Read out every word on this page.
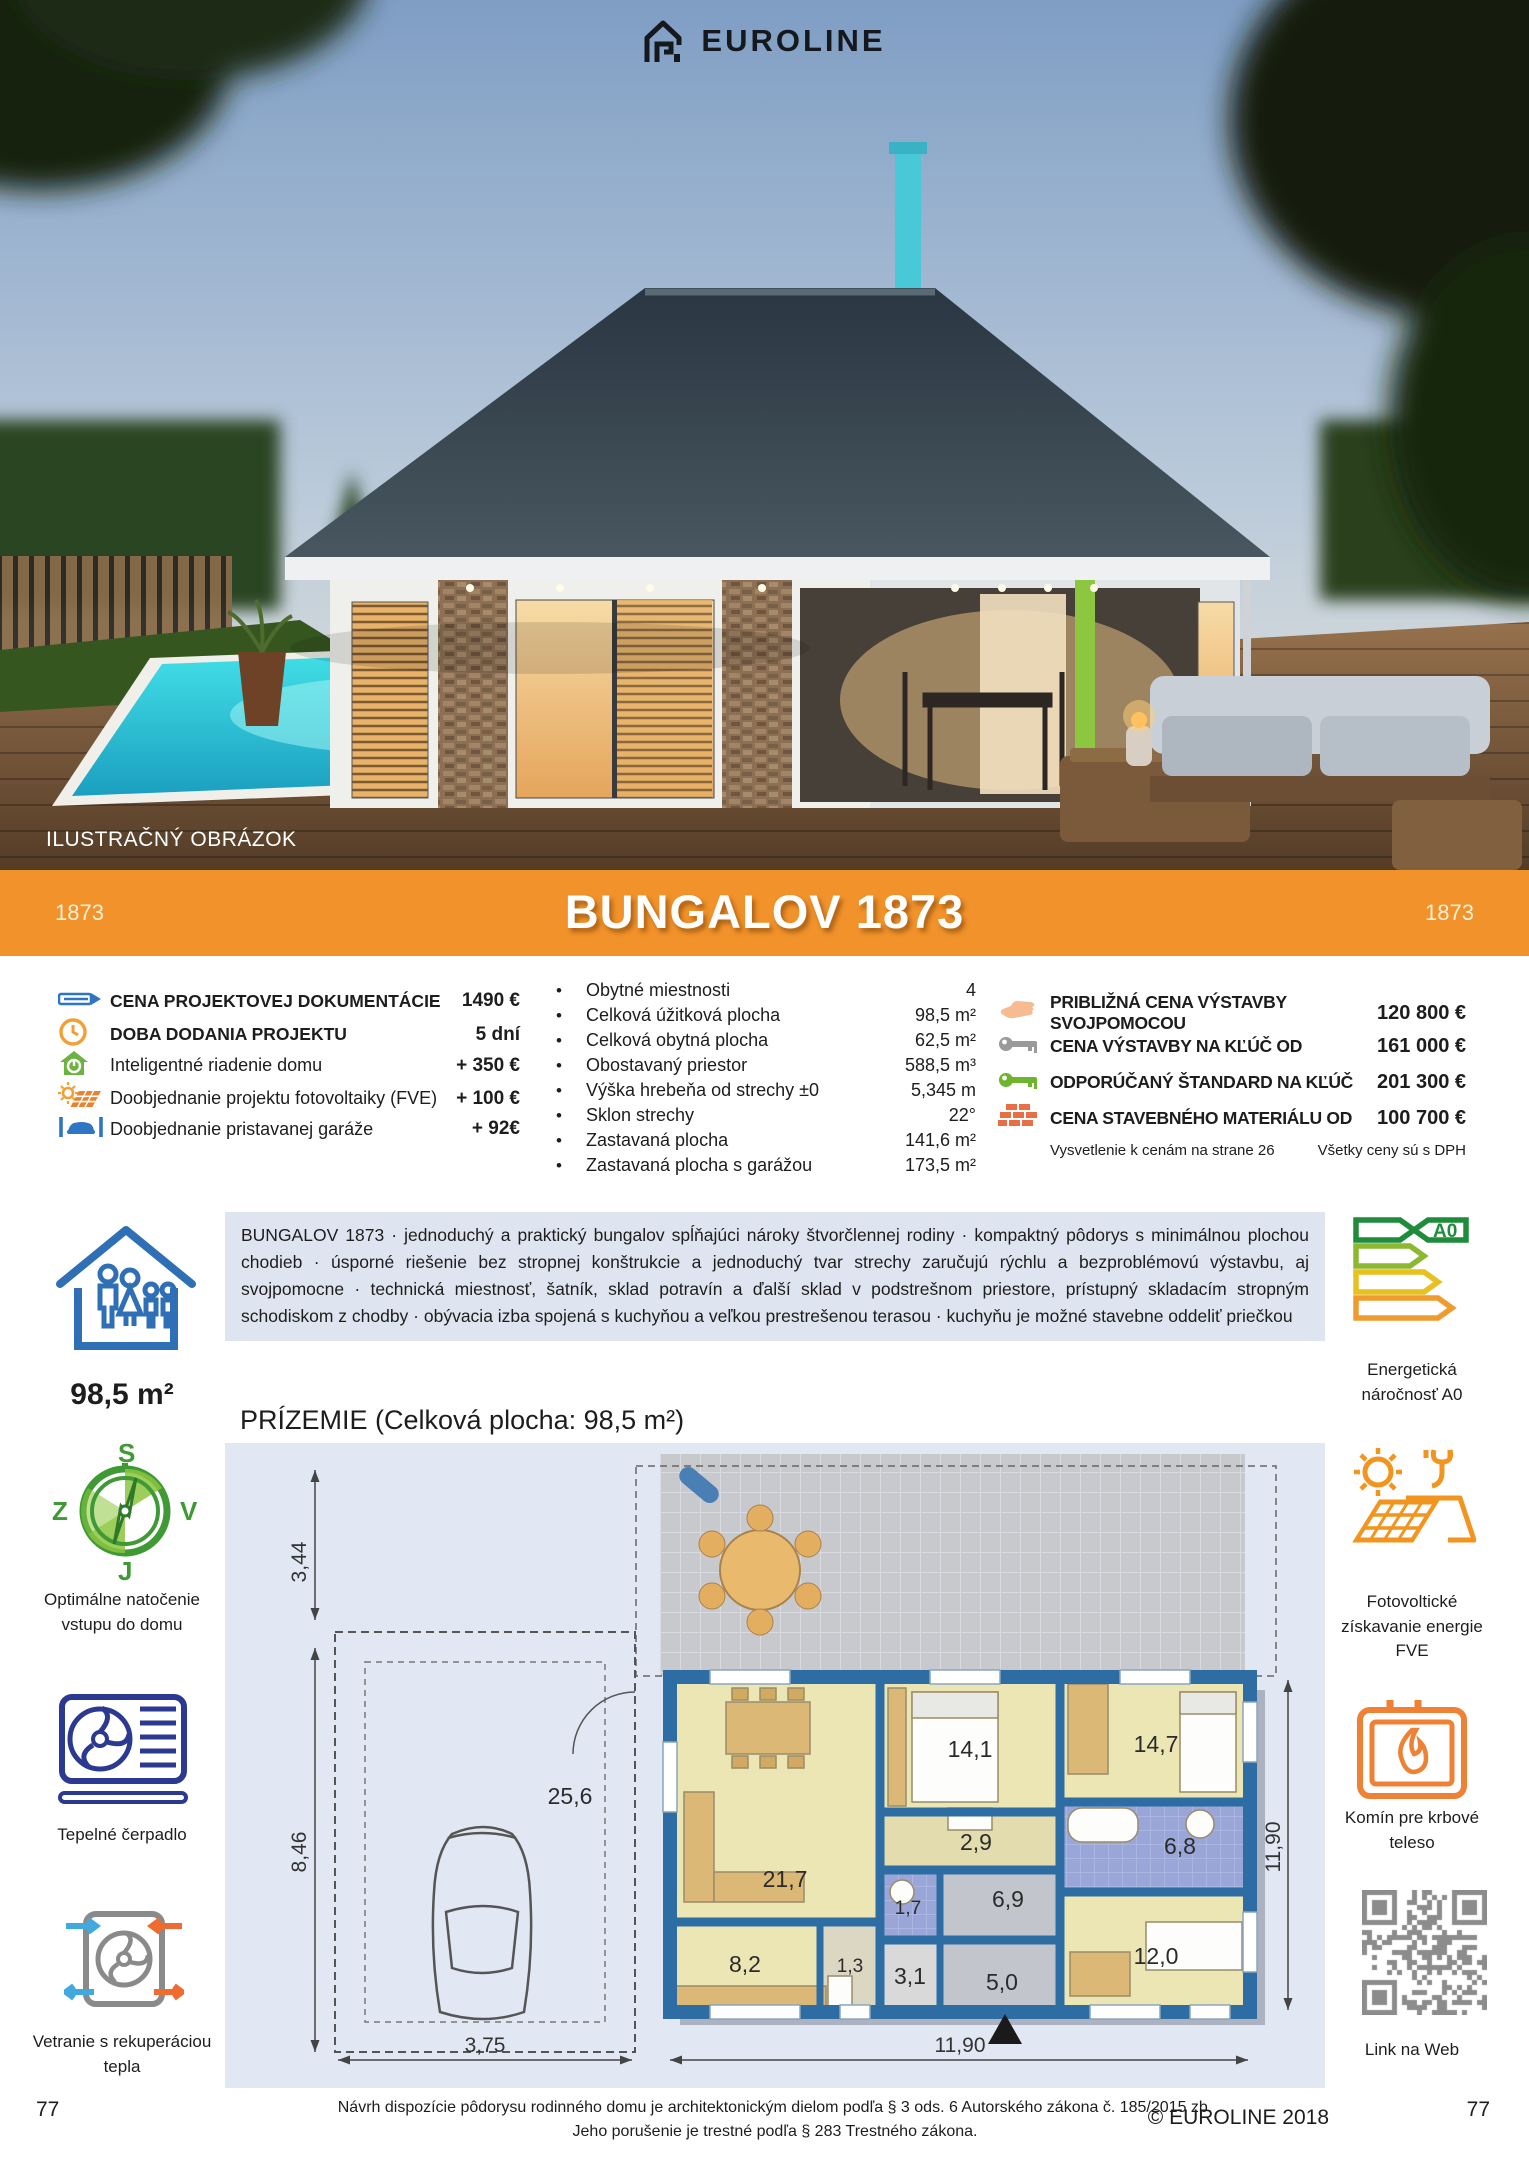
EUROLINE
ILUSTRAČNÝ OBRÁZOK
1873	BUNGALOV 1873	1873
CENA PROJEKTOVEJ DOKUMENTÁCIE	1490 €
DOBA DODANIA PROJEKTU	5 dní
Inteligentné riadenie domu	+ 350 €
Doobjednanie projektu fotovoltaiky (FVE) + 100 €
Doobjednanie pristavanej garáže	+ 92€
•	Obytné miestnosti	4
•	Celková úžitková plocha	98,5 m²
•	Celková obytná plocha	62,5 m²
•	Obostavaný priestor	588,5 m³
•	Výška hrebeňa od strechy ±0	5,345 m
•	Sklon strechy	22°
•	Zastavaná plocha	141,6 m²
•	Zastavaná plocha s garážou	173,5 m²
PRIBLIŽNÁ CENA VÝSTAVBY SVOJPOMOCOU	120 800 €
CENA VÝSTAVBY NA KĽÚČ OD	161 000 €
ODPORÚČANÝ ŠTANDARD NA KĽÚČ	201 300 €
CENA STAVEBNÉHO MATERIÁLU OD	100 700 €
Vysvetlenie k cenám na strane 26	Všetky ceny sú s DPH
BUNGALOV 1873 · jednoduchý a praktický bungalov spĺňajúci nároky štvorčlennej rodiny · kompaktný pôdorys s minimálnou plochou chodieb · úsporné riešenie bez stropnej konštrukcie a jednoduchý tvar strechy zaručujú rýchlu a bezproblémovú výstavbu, aj svojpomocne · technická miestnosť, šatník, sklad potravín a ďalší sklad v podstrešnom priestore, prístupný skladacím stropným schodiskom z chodby · obývacia izba spojená s kuchyňou a veľkou prestrešenou terasou · kuchyňu je možné stavebne oddeliť priečkou
98,5 m²
S
J
Z	V
Optimálne natočenie vstupu do domu
Tepelné čerpadlo
Vetranie s rekuperáciou tepla
A0
Energetická náročnosť A0
Fotovoltické získavanie energie FVE
Komín pre krbové teleso
Link na Web
PRÍZEMIE (Celková plocha: 98,5 m²)
3,44
8,46	11,90
3,75	11,90
14,1	14,7
2,9	6,8
21,7
1,7	6,9
12,0
8,2	1,3 3,1	5,0
25,6
Návrh dispozície pôdorysu rodinného domu je architektonickým dielom podľa § 3 ods. 6 Autorského zákona č. 185/2015 zb.
Jeho porušenie je trestné podľa § 283 Trestného zákona.
© EUROLINE 2018
77	77
